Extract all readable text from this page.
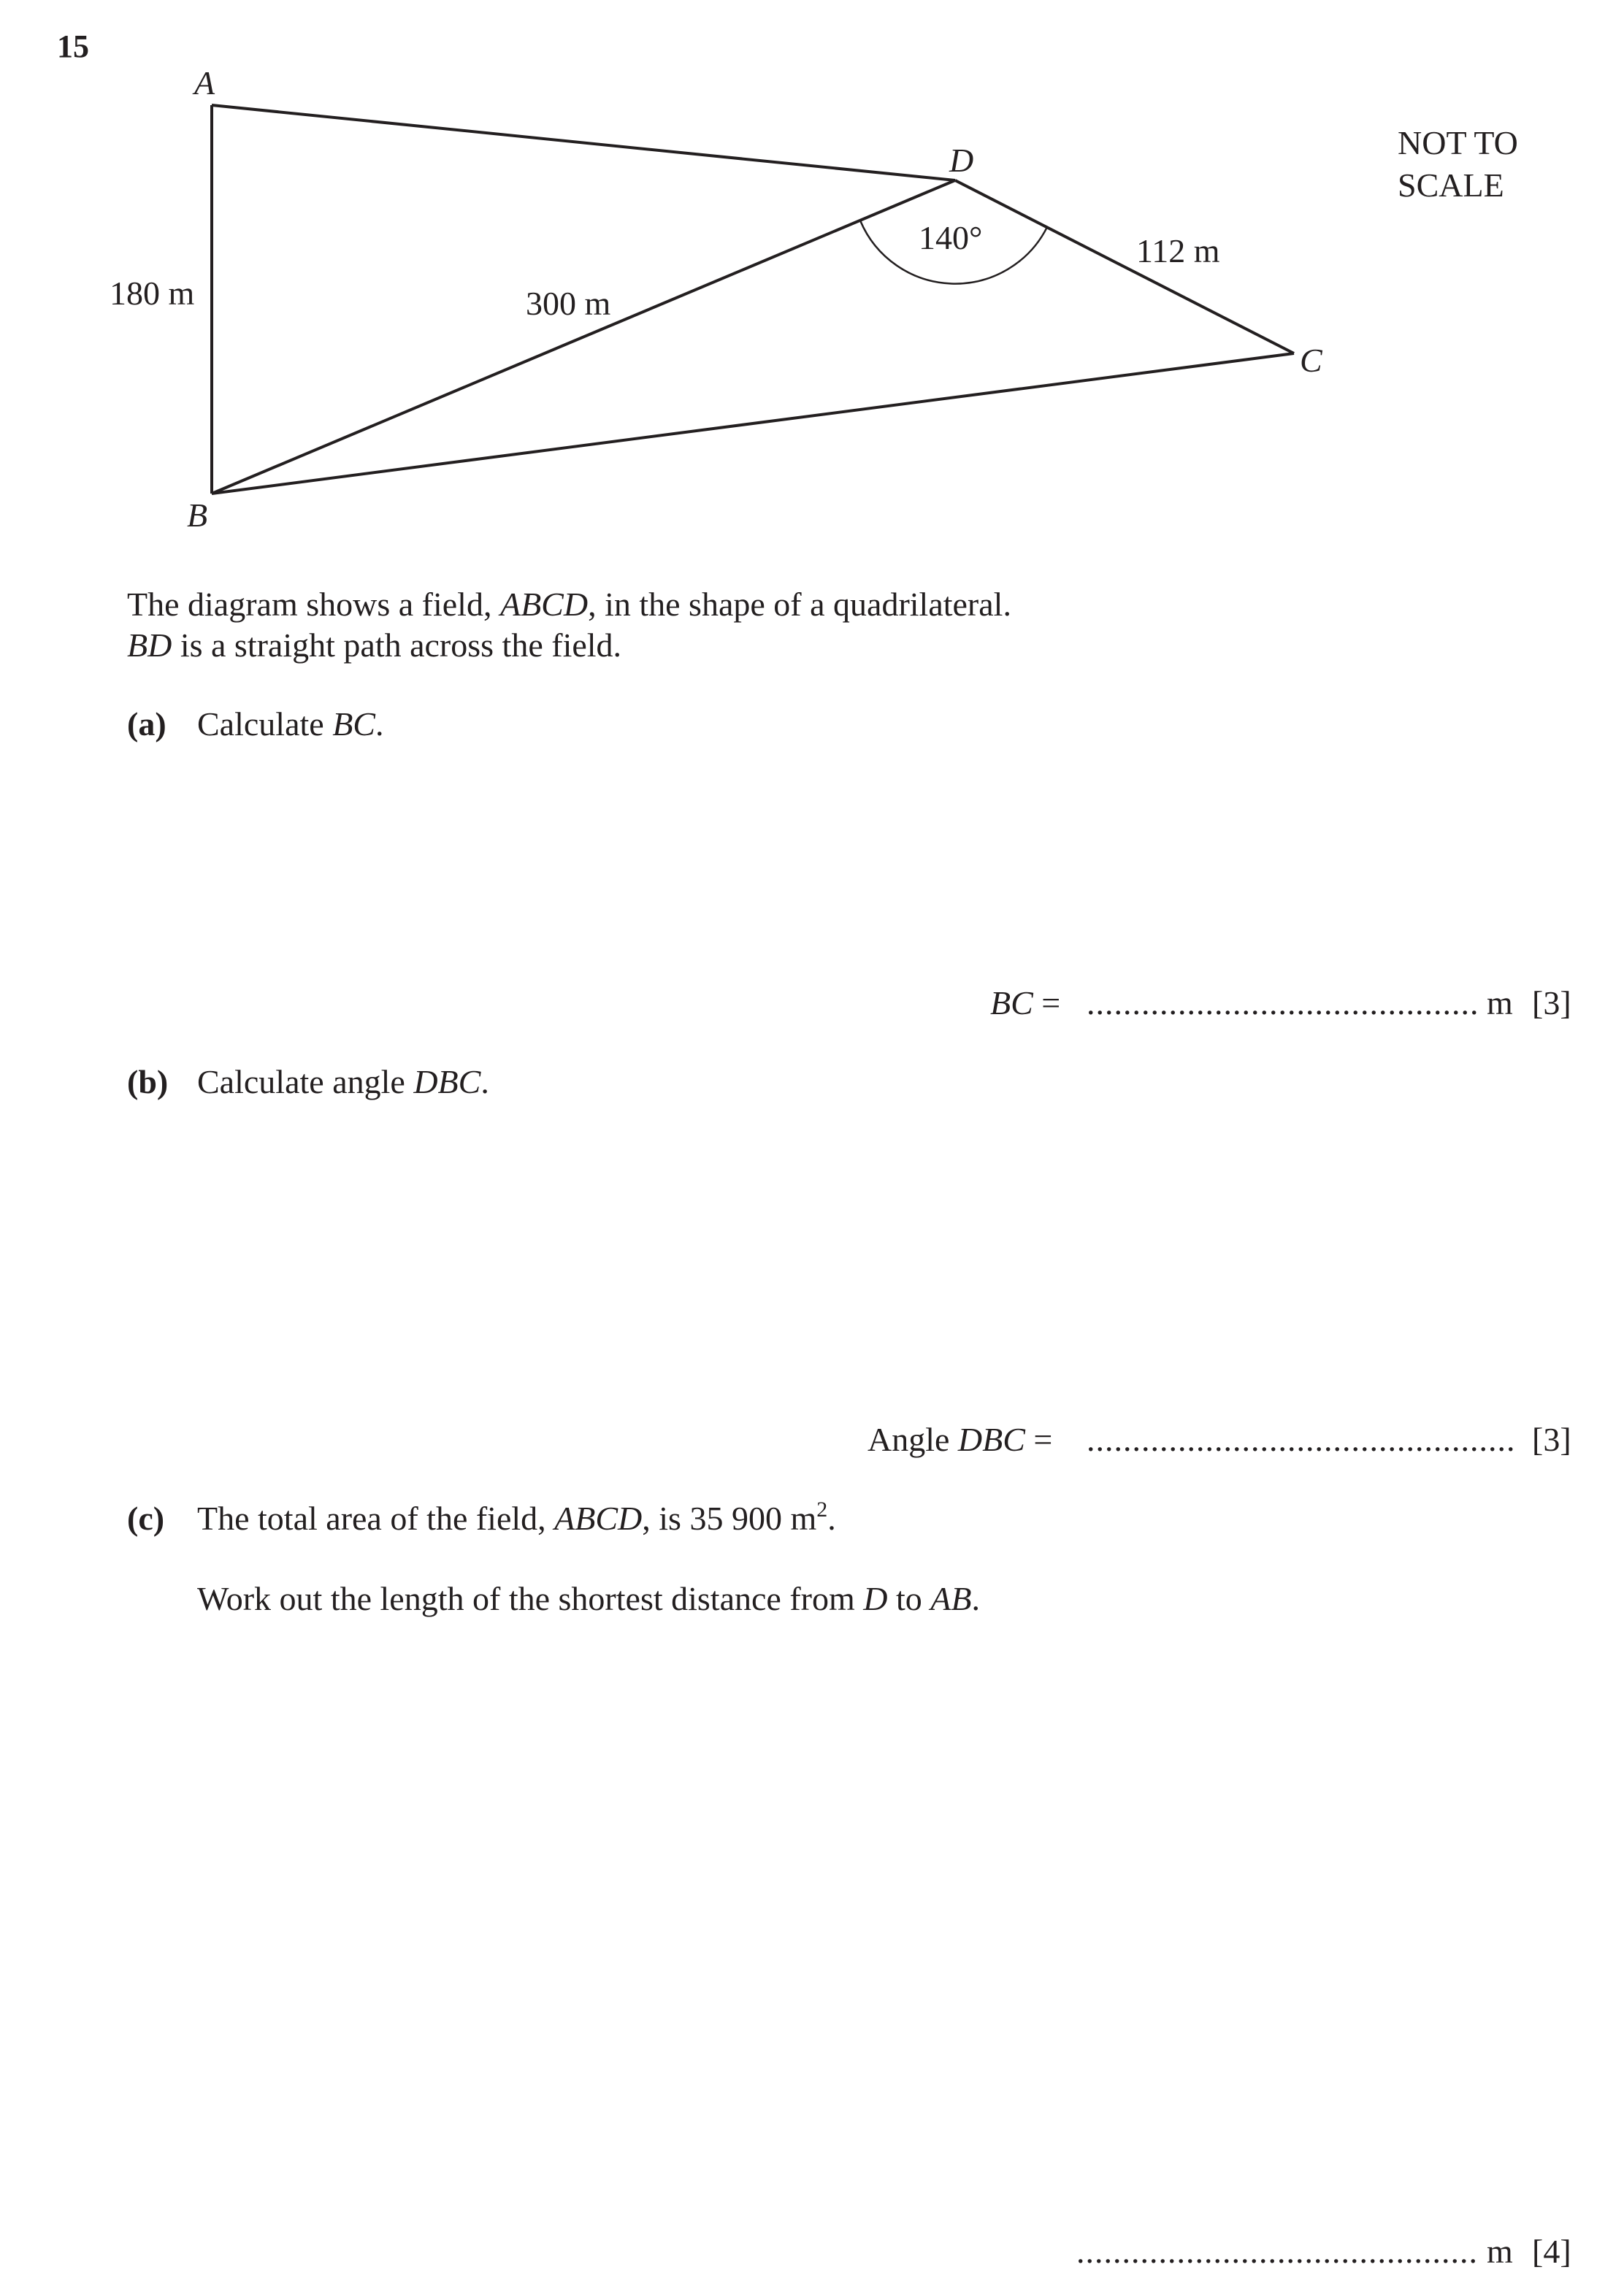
15
A
D
C
B
180 m	300 m
112 m
140°
NOT TO
SCALE
The diagram shows a field, ABCD, in the shape of a quadrilateral.
BD is a straight path across the field.
(a) Calculate BC.
BC = ........................................... m [3]
(b) Calculate angle DBC.
Angle DBC = ............................................... [3]
(c) The total area of the field, ABCD, is 35 900 $m^2$.
Work out the length of the shortest distance from D to AB.
............................................ m [4]
